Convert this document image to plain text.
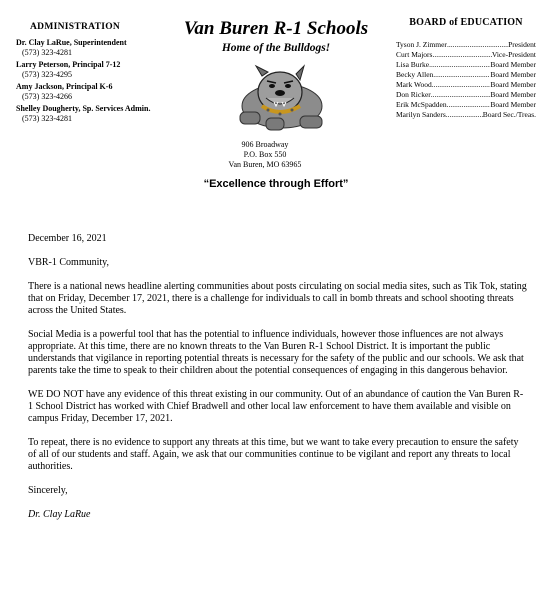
ADMINISTRATION
Dr. Clay LaRue, Superintendent
(573) 323-4281
Larry Peterson, Principal 7-12
(573) 323-4295
Amy Jackson, Principal K-6
(573) 323-4266
Shelley Dougherty, Sp. Services Admin.
(573) 323-4281
Van Buren R-1 Schools
Home of the Bulldogs!
906 Broadway
P.O. Box 550
Van Buren, MO 63965
“Excellence through Effort”
BOARD of EDUCATION
Tyson J. Zimmer .....	President
Curt Majors .....	Vice-President
Lisa Burke .....	Board Member
Becky Allen .....	Board Member
Mark Wood .....	Board Member
Don Ricker .....	Board Member
Erik McSpadden .....	Board Member
Marilyn Sanders .....	Board Sec./Treas.

December 16, 2021

VBR-1 Community,

There is a national news headline alerting communities about posts circulating on social media sites, such as Tik Tok, stating that on Friday, December 17, 2021, there is a challenge for individuals to call in bomb threats and school shooting threats across the United States.

Social Media is a powerful tool that has the potential to influence individuals, however those influences are not always appropriate. At this time, there are no known threats to the Van Buren R-1 School District. It is important the public understands that vigilance in reporting potential threats is necessary for the safety of the public and our schools. We ask that parents take the time to speak to their children about the potential consequences of engaging in this dangerous behavior.

WE DO NOT have any evidence of this threat existing in our community. Out of an abundance of caution the Van Buren R-1 School District has worked with Chief Bradwell and other local law enforcement to have them available and visible on campus Friday, December 17, 2021.

To repeat, there is no evidence to support any threats at this time, but we want to take every precaution to ensure the safety of all of our students and staff. Again, we ask that our communities continue to be vigilant and report any threats to local authorities.

Sincerely,

Dr. Clay LaRue
